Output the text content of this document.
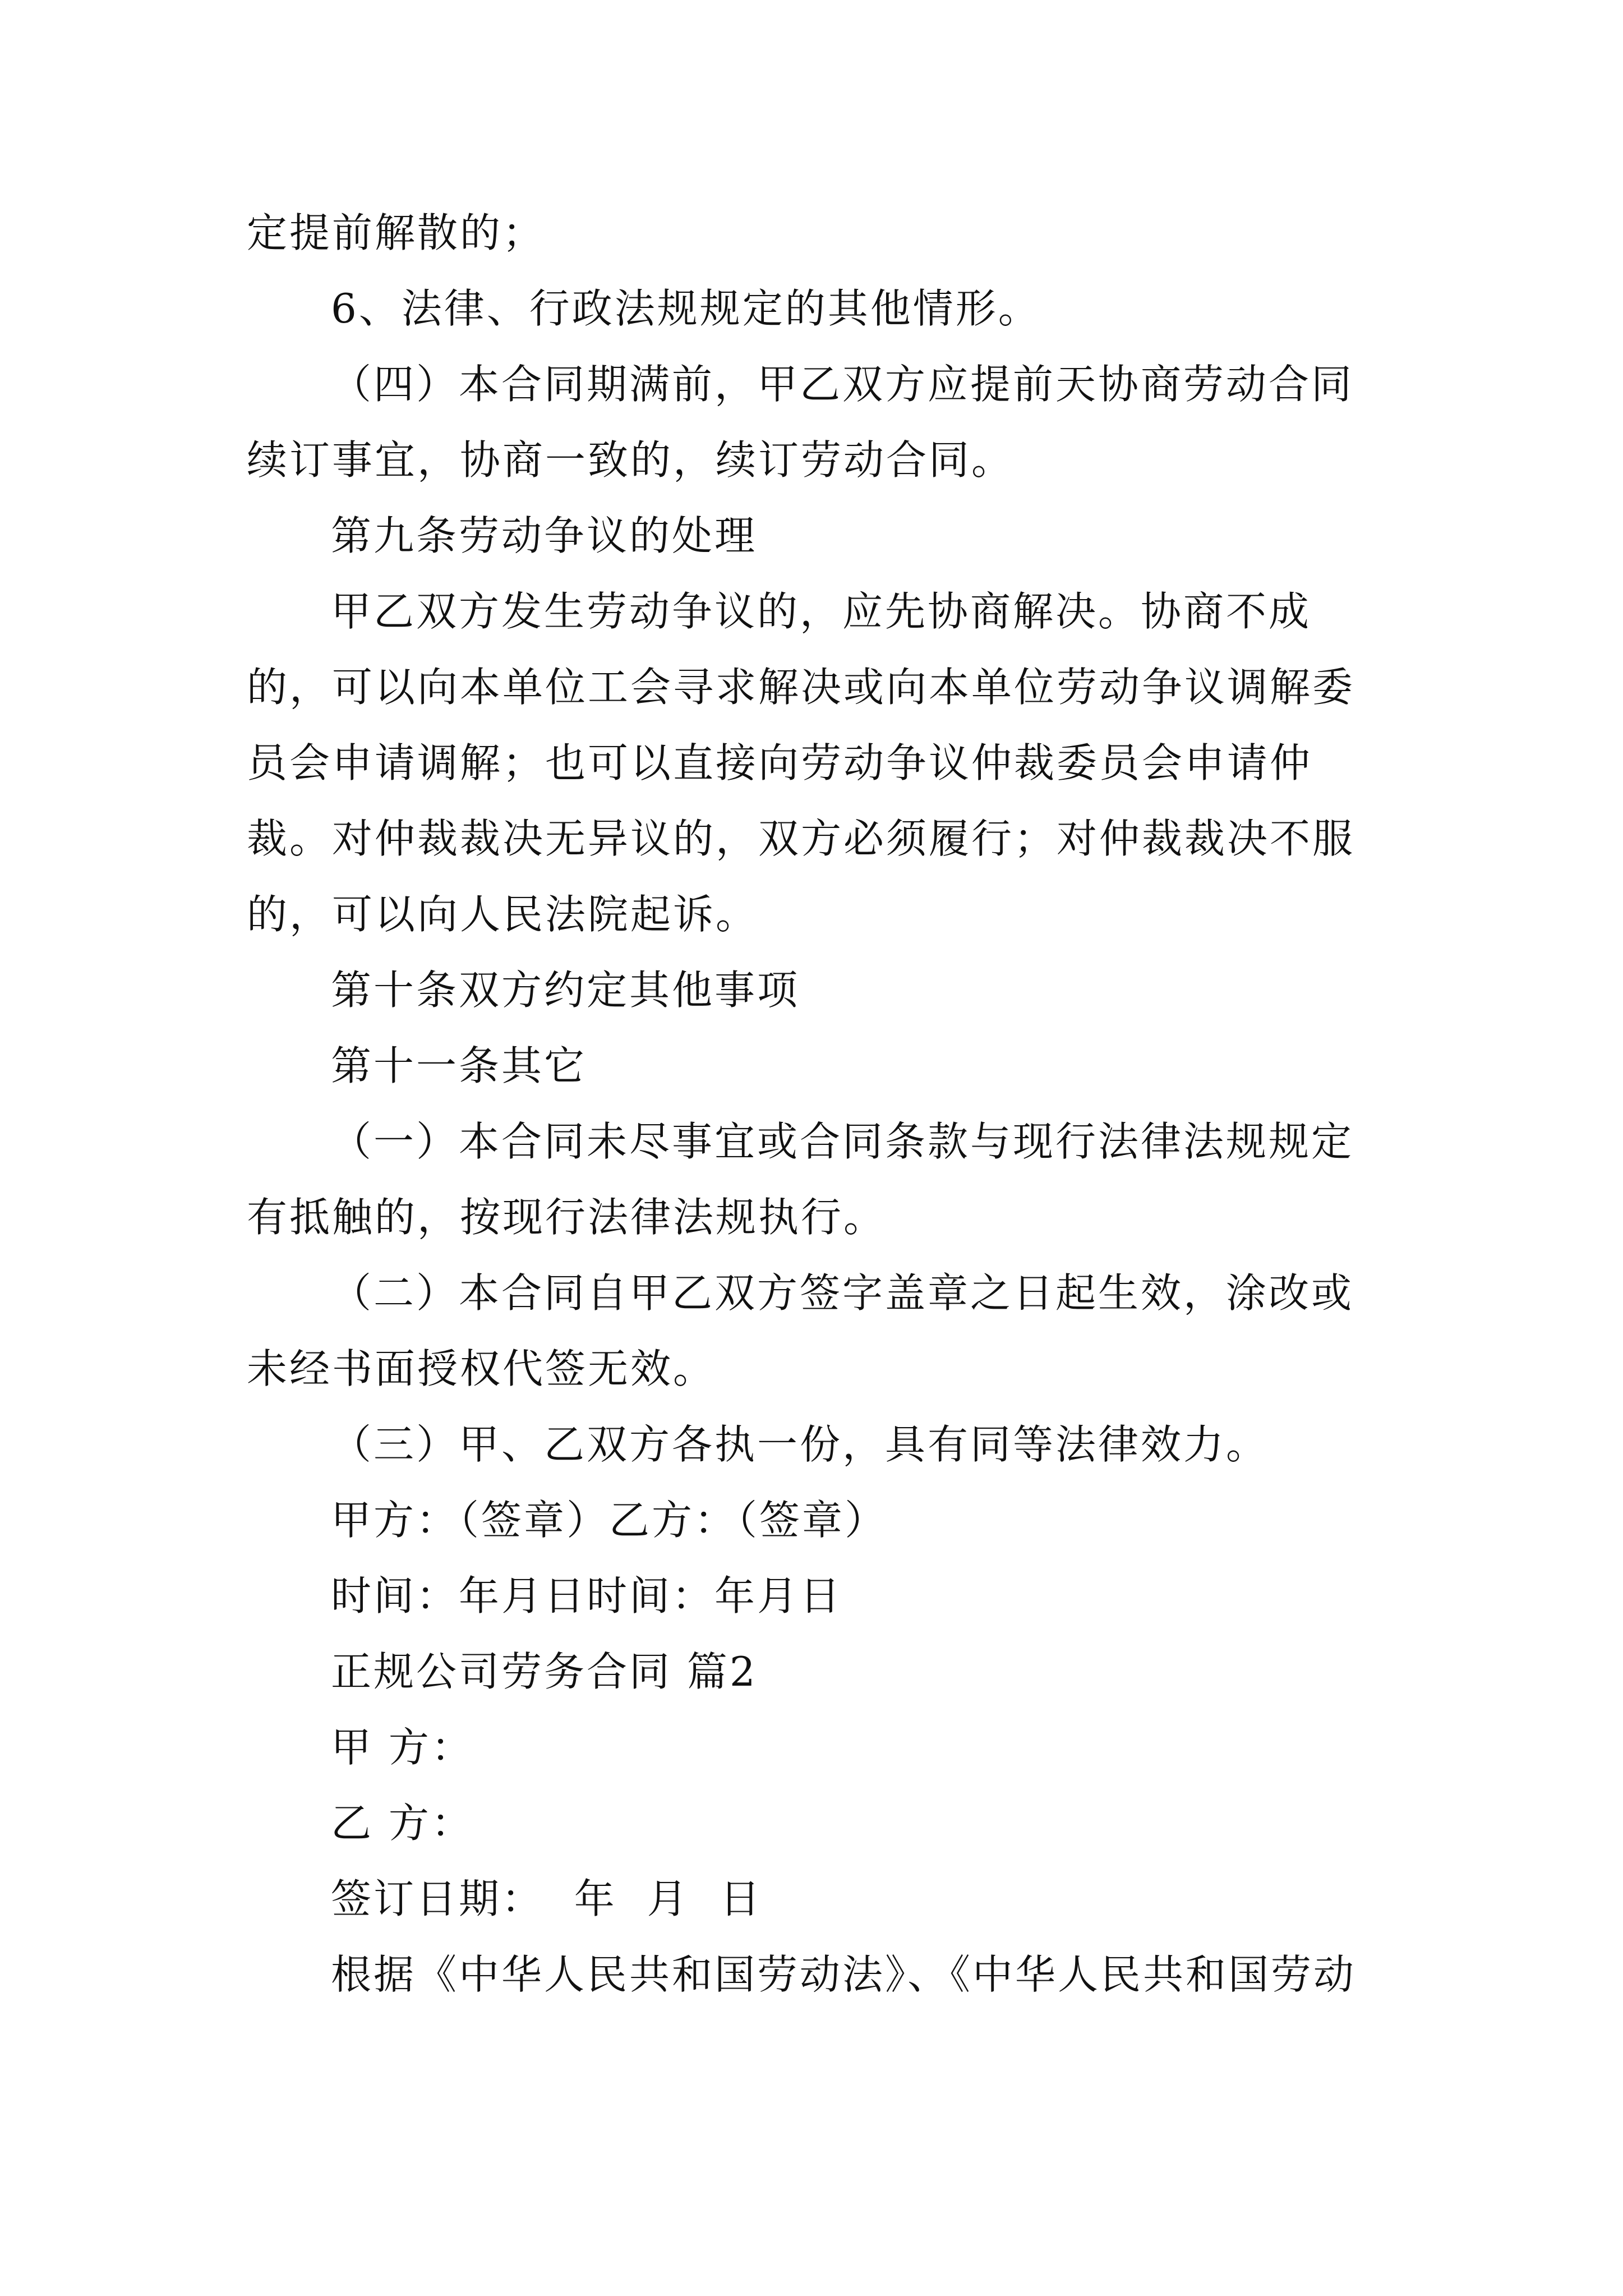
定提前解散的；

6、法律、行政法规规定的其他情形。

（四）本合同期满前，甲乙双方应提前天协商劳动合同续订事宜，协商一致的，续订劳动合同。

第九条劳动争议的处理

甲乙双方发生劳动争议的，应先协商解决。协商不成的，可以向本单位工会寻求解决或向本单位劳动争议调解委员会申请调解；也可以直接向劳动争议仲裁委员会申请仲裁。对仲裁裁决无异议的，双方必须履行；对仲裁裁决不服的，可以向人民法院起诉。

第十条双方约定其他事项

第十一条其它

（一）本合同未尽事宜或合同条款与现行法律法规规定有抵触的，按现行法律法规执行。

（二）本合同自甲乙双方签字盖章之日起生效，涂改或未经书面授权代签无效。

（三）甲、乙双方各执一份，具有同等法律效力。

甲方：（签章）乙方：（签章）

时间：年月日时间：年月日

正规公司劳务合同 篇2

甲 方：

乙 方：

签订日期：  年  月  日

根据《中华人民共和国劳动法》、《中华人民共和国劳动
